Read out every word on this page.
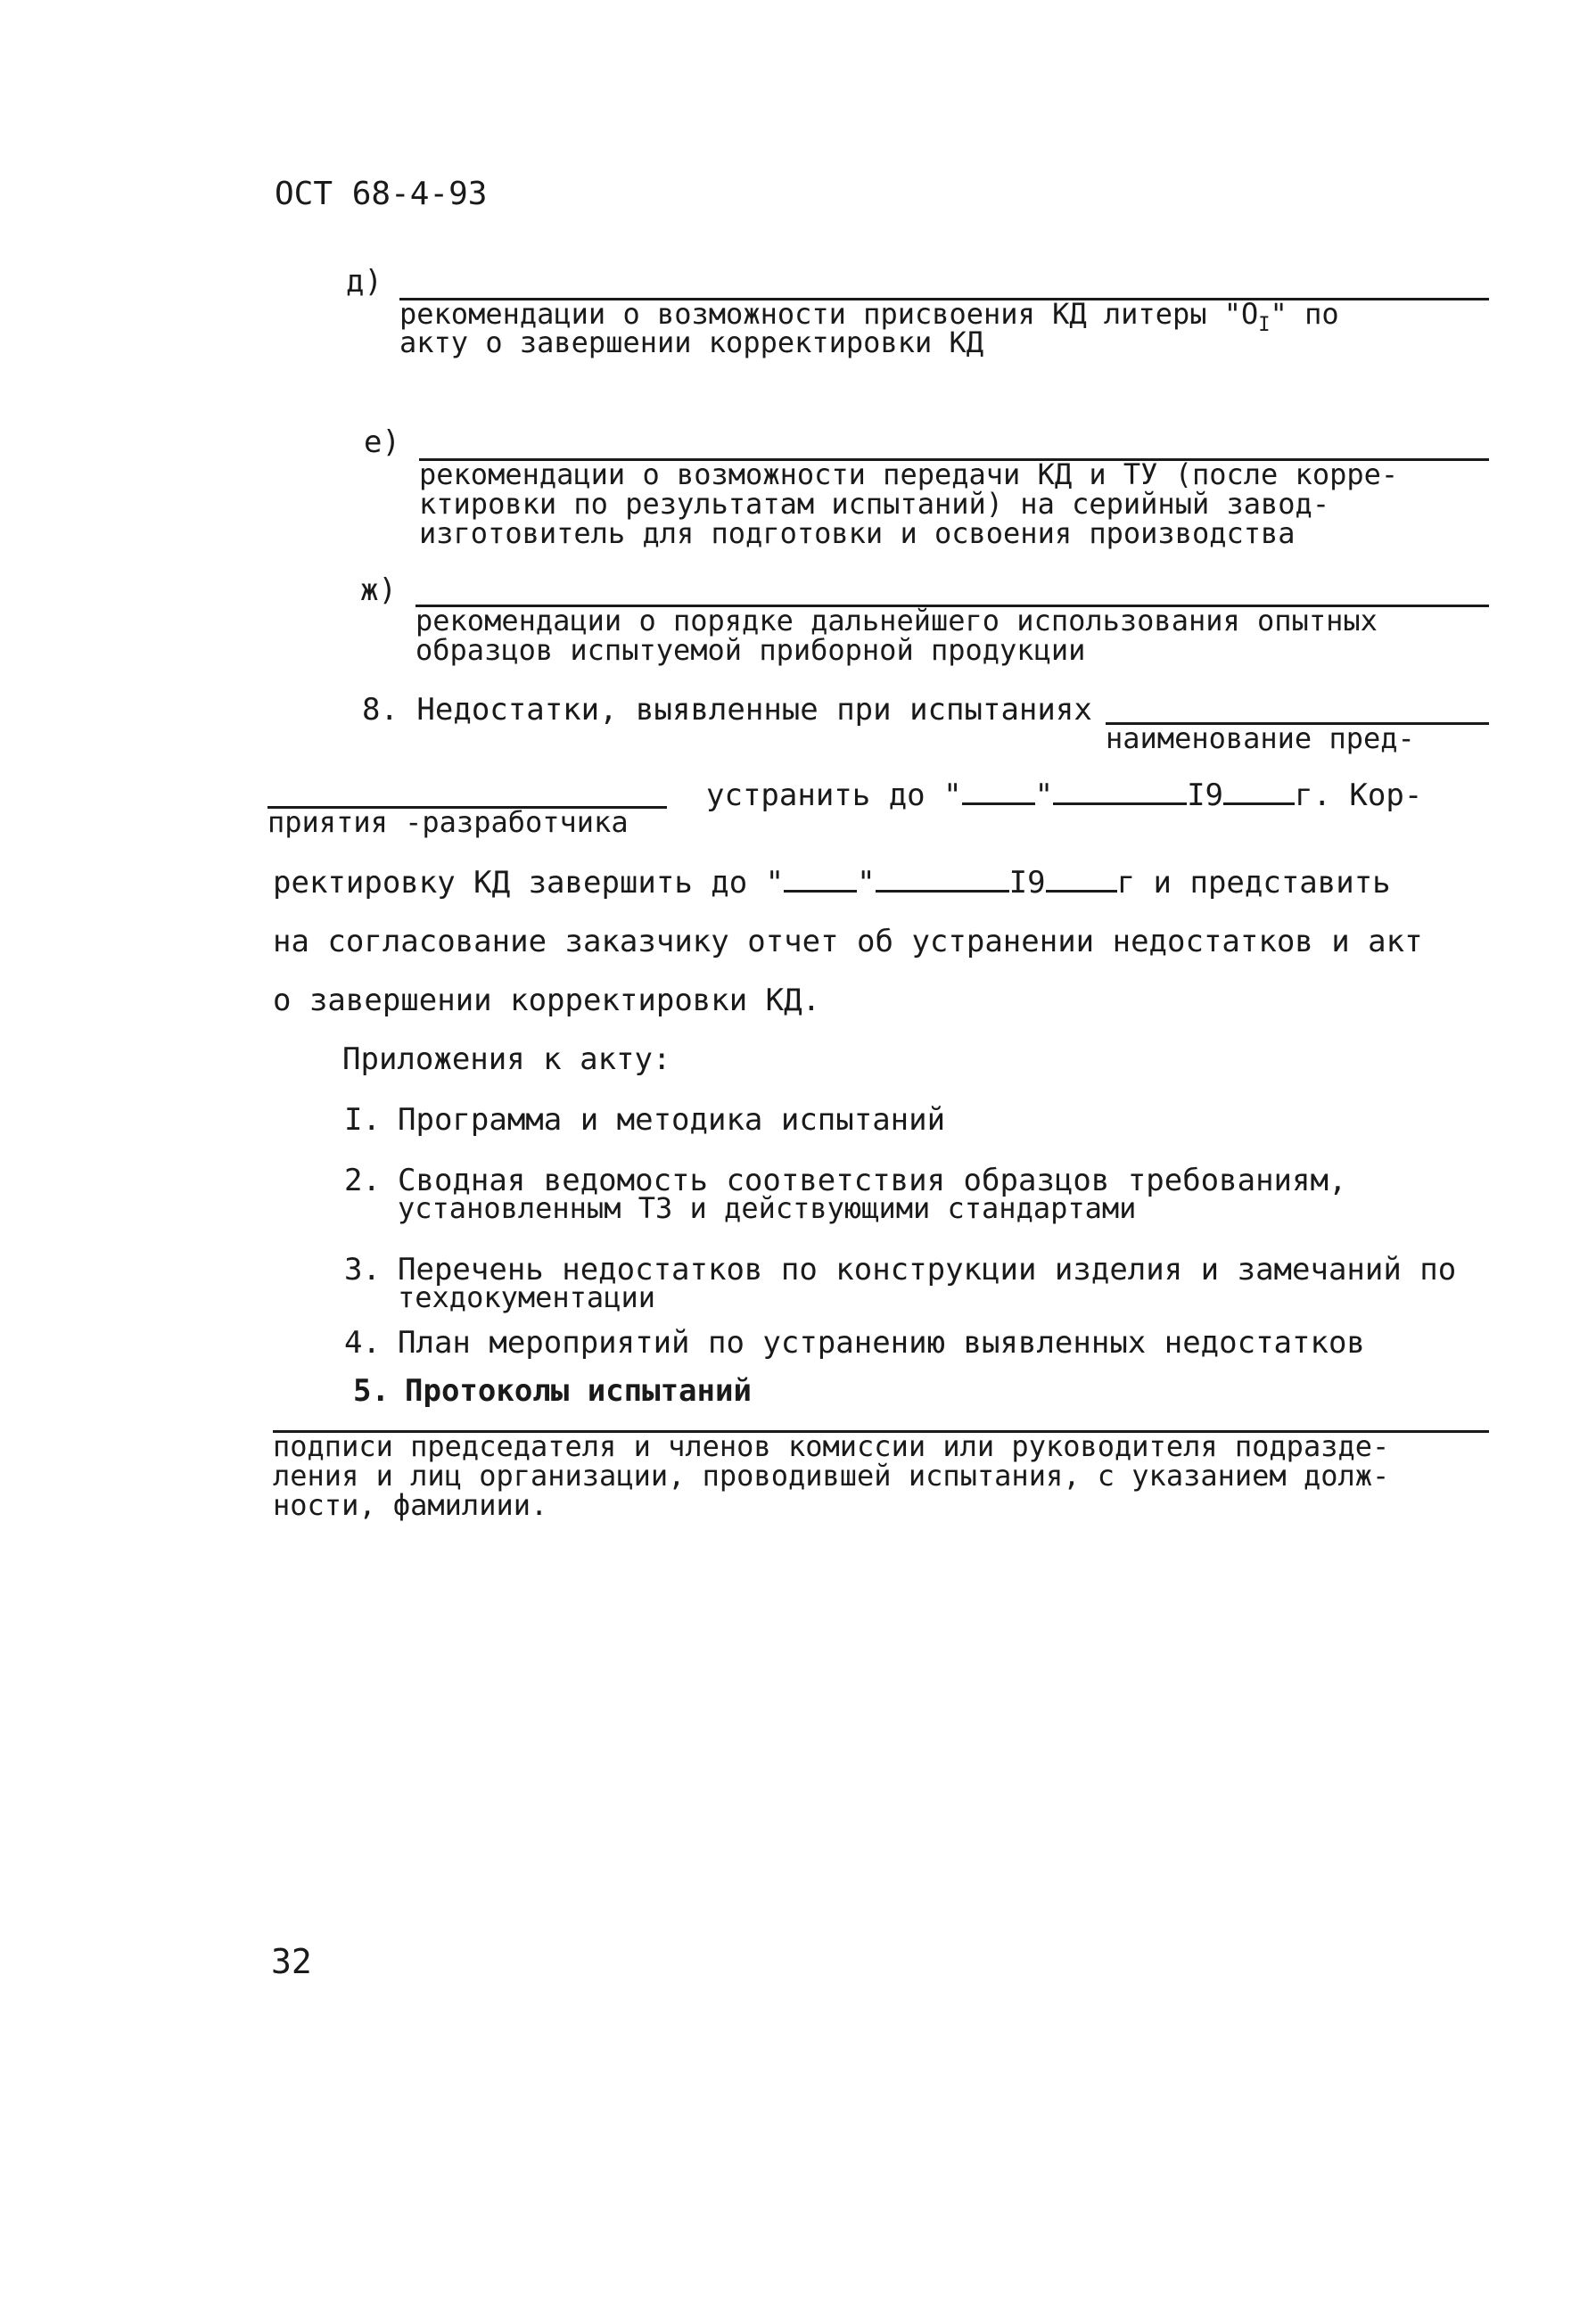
ОСТ 68-4-93
д)
рекомендации о возможности присвоения КД литеры "$О_I$" по
акту о завершении корректировки КД
е)
рекомендации о возможности передачи КД и ТУ (после корре-
ктировки по результатам испытаний) на серийный завод-
изготовитель для подготовки и освоения производства
ж)
рекомендации о порядке дальнейшего использования опытных
образцов испытуемой приборной продукции
8. Недостатки, выявленные при испытаниях
наименование пред-
приятия -разработчика
устранить до " "	I9 г. Кор-
ректировку КД завершить до " "	I9 г и представить
на согласование заказчику отчет об устранении недостатков и акт
о завершении корректировки КД.
Приложения к акту:
I. Программа и методика испытаний
2. Сводная ведомость соответствия образцов требованиям,
установленным ТЗ и действующими стандартами
3. Перечень недостатков по конструкции изделия и замечаний по
техдокументации
4. План мероприятий по устранению выявленных недостатков
5. Протоколы испытаний
подписи председателя и членов комиссии или руководителя подразде-
ления и лиц организации, проводившей испытания, с указанием долж-
ности, фамилиии.
32
